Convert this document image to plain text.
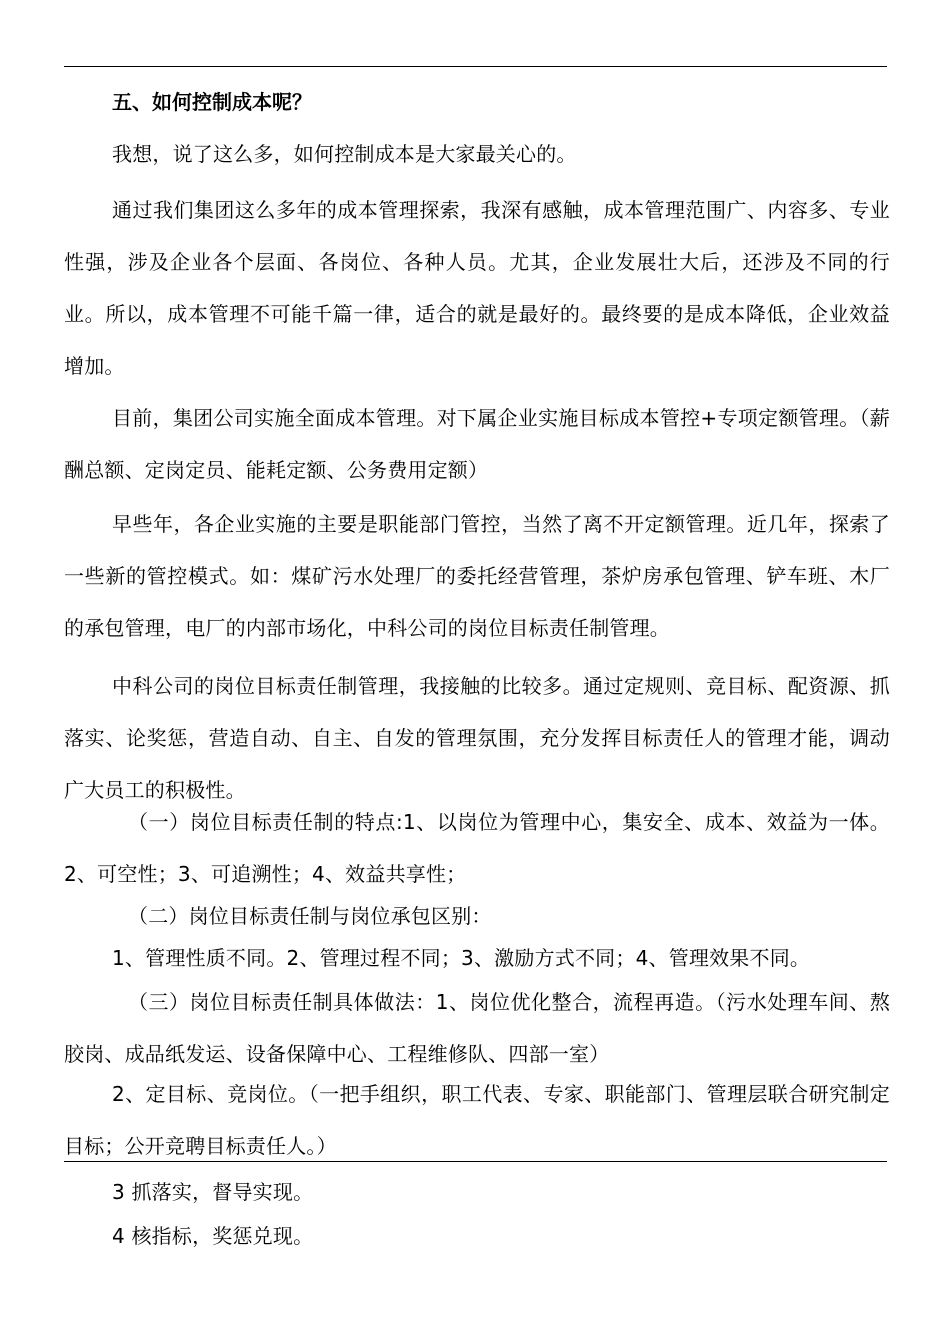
五、如何控制成本呢？

我想，说了这么多，如何控制成本是大家最关心的。

通过我们集团这么多年的成本管理探索，我深有感触，成本管理范围广、内容多、专业性强，涉及企业各个层面、各岗位、各种人员。尤其，企业发展壮大后，还涉及不同的行业。所以，成本管理不可能千篇一律，适合的就是最好的。最终要的是成本降低，企业效益增加。

目前，集团公司实施全面成本管理。对下属企业实施目标成本管控+专项定额管理。（薪酬总额、定岗定员、能耗定额、公务费用定额）

早些年，各企业实施的主要是职能部门管控，当然了离不开定额管理。近几年，探索了一些新的管控模式。如：煤矿污水处理厂的委托经营管理，茶炉房承包管理、铲车班、木厂的承包管理，电厂的内部市场化，中科公司的岗位目标责任制管理。

中科公司的岗位目标责任制管理，我接触的比较多。通过定规则、竞目标、配资源、抓落实、论奖惩，营造自动、自主、自发的管理氛围，充分发挥目标责任人的管理才能，调动广大员工的积极性。

（一）岗位目标责任制的特点:1、以岗位为管理中心，集安全、成本、效益为一体。2、可空性；3、可追溯性；4、效益共享性；

（二）岗位目标责任制与岗位承包区别：

1、管理性质不同。2、管理过程不同；3、激励方式不同；4、管理效果不同。

（三）岗位目标责任制具体做法：1、岗位优化整合，流程再造。（污水处理车间、熬胶岗、成品纸发运、设备保障中心、工程维修队、四部一室）

2、定目标、竞岗位。（一把手组织，职工代表、专家、职能部门、管理层联合研究制定目标；公开竞聘目标责任人。）

3 抓落实，督导实现。

4 核指标，奖惩兑现。
